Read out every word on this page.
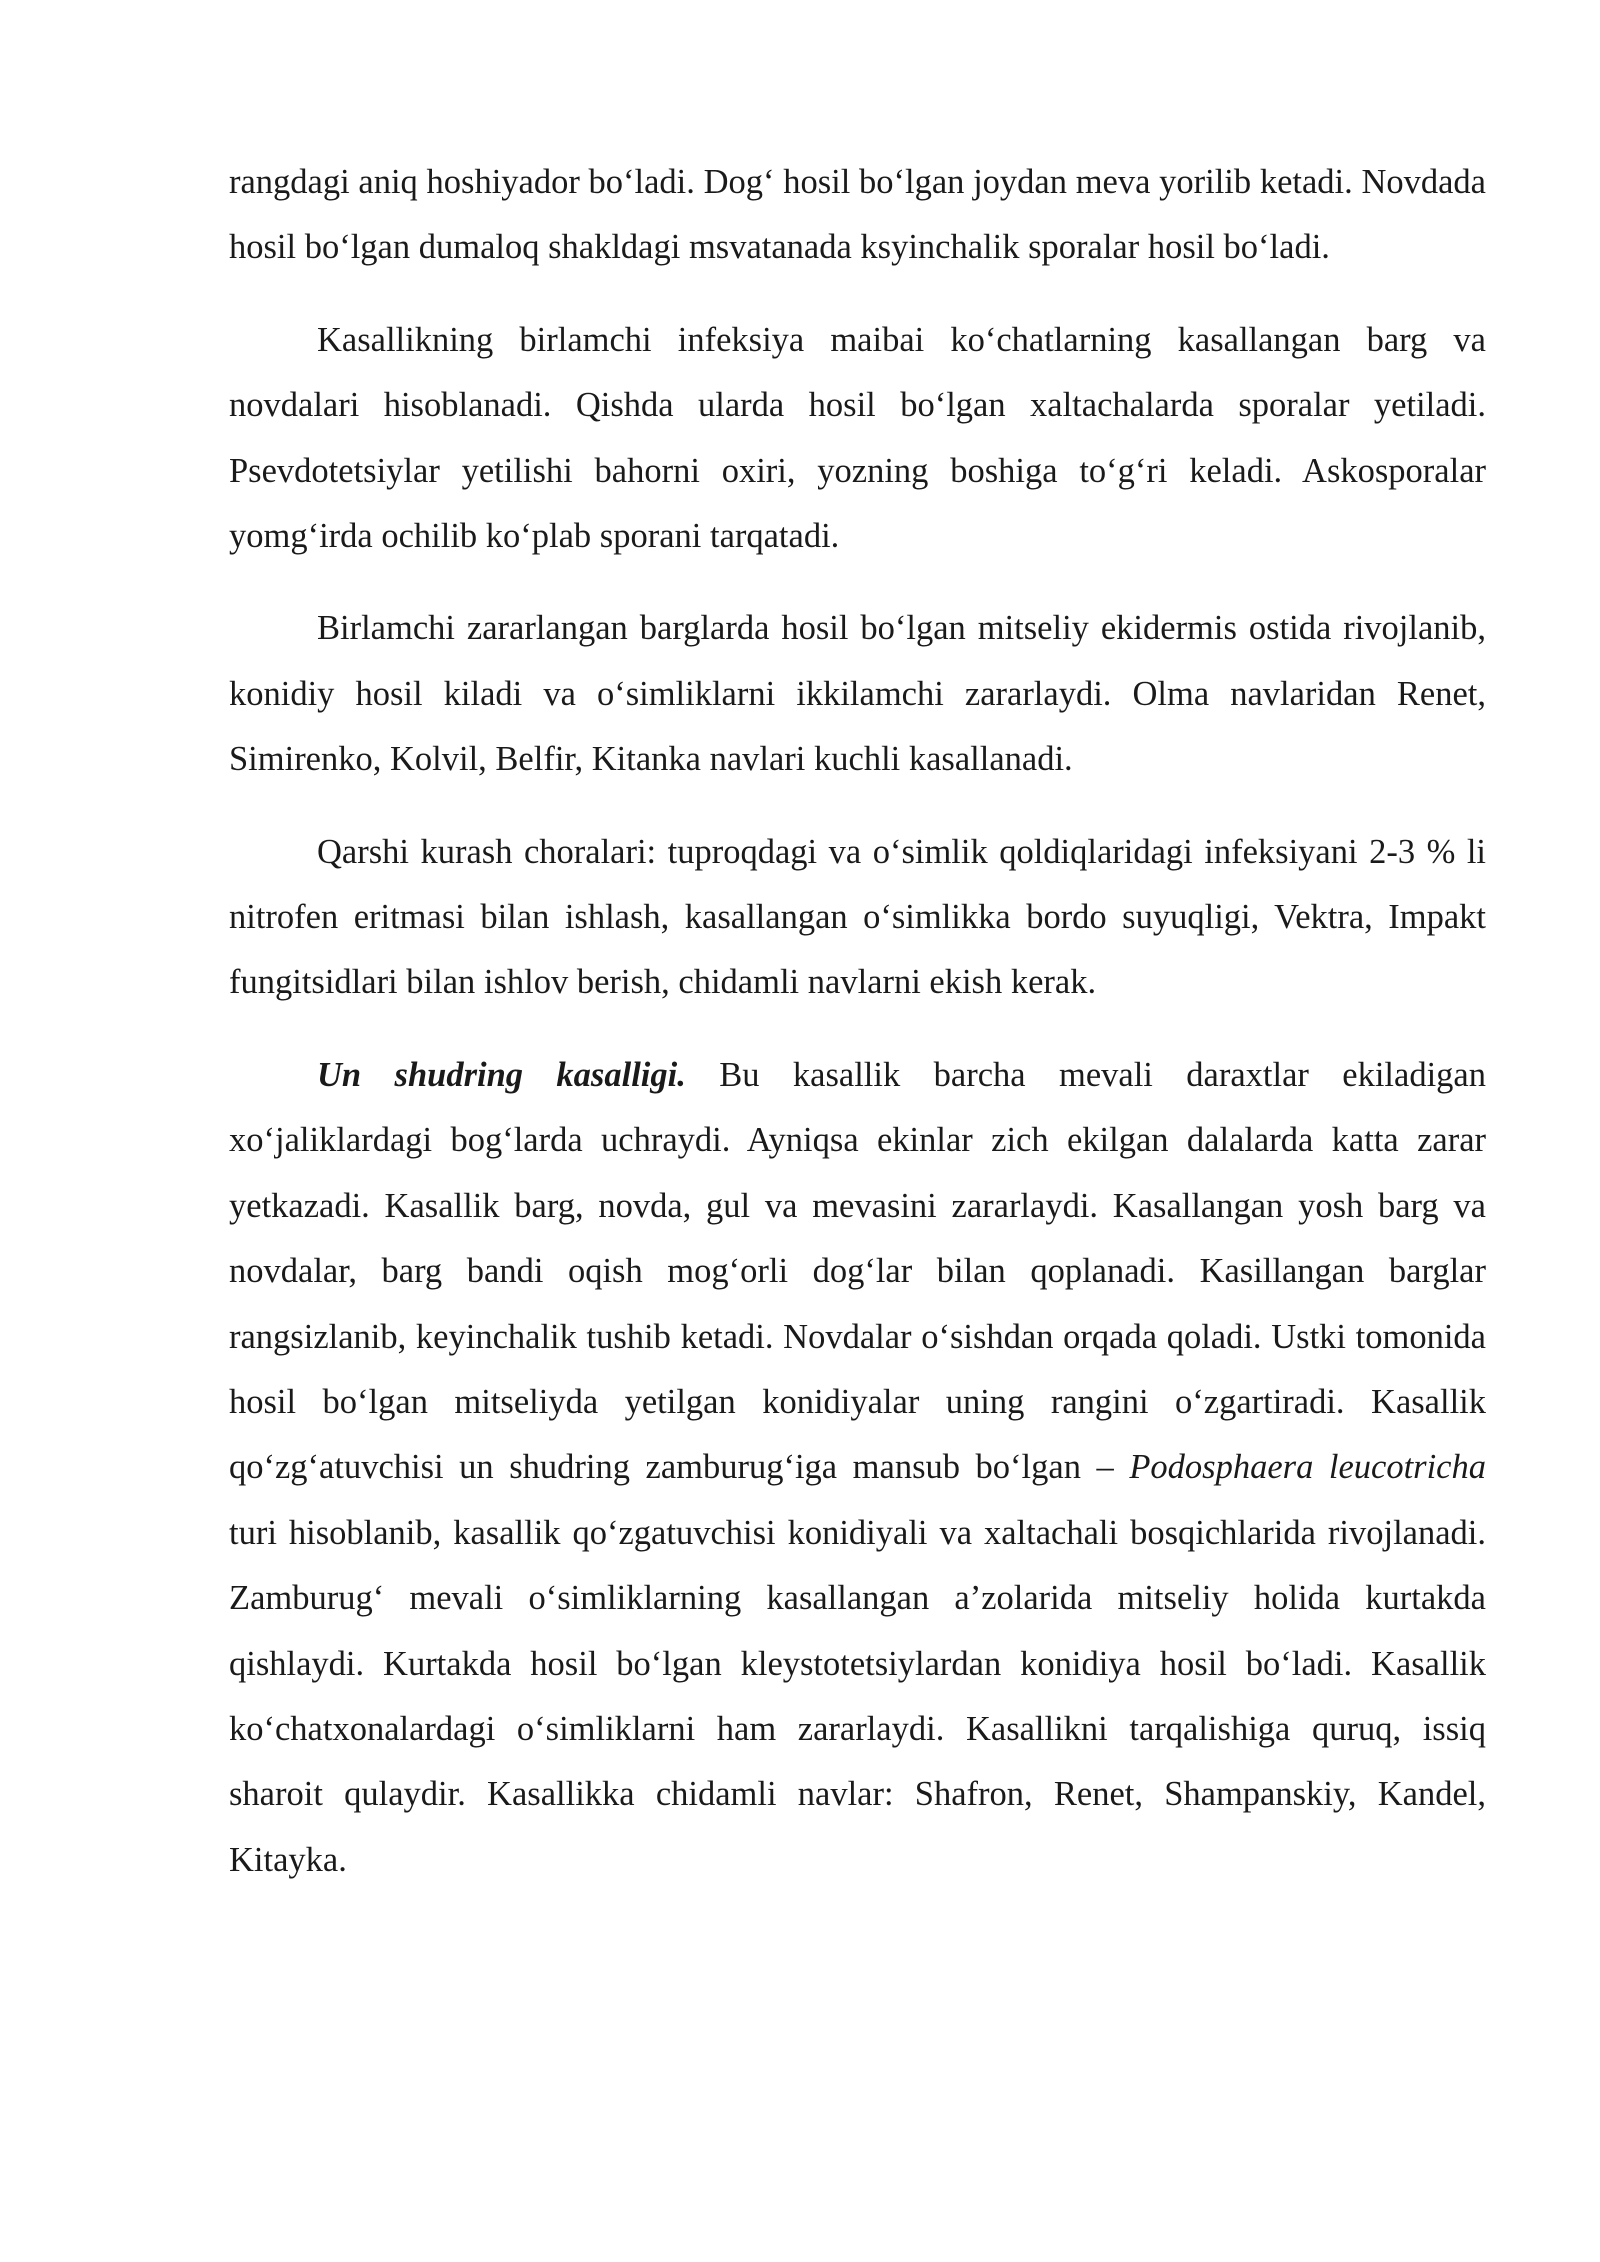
rangdagi aniq hoshiyador boʻladi. Dogʻ hosil boʻlgan joydan meva yorilib ketadi. Novdada hosil boʻlgan dumaloq shakldagi msvatanada ksyinchalik sporalar hosil boʻladi.

Kasallikning birlamchi infeksiya maibai koʻchatlarning kasallangan barg va novdalari hisoblanadi. Qishda ularda hosil boʻlgan xaltachalarda sporalar yetiladi. Psevdotetsiylar yetilishi bahorni oxiri, yozning boshiga toʻgʻri keladi. Askosporalar yomgʻirda ochilib koʻplab sporani tarqatadi.

Birlamchi zararlangan barglarda hosil boʻlgan mitseliy ekidermis ostida rivojlanib, konidiy hosil kiladi va oʻsimliklarni ikkilamchi zararlaydi. Olma navlaridan Renet, Simirenko, Kolvil, Belfir, Kitanka navlari kuchli kasallanadi.

Qarshi kurash choralari: tuproqdagi va oʻsimlik qoldiqlaridagi infeksiyani 2-3 % li nitrofen eritmasi bilan ishlash, kasallangan oʻsimlikka bordo suyuqligi, Vektra, Impakt fungitsidlari bilan ishlov berish, chidamli navlarni ekish kerak.

Un shudring kasalligi. Bu kasallik barcha mevali daraxtlar ekiladigan xoʻjaliklardagi bogʻlarda uchraydi. Ayniqsa ekinlar zich ekilgan dalalarda katta zarar yetkazadi. Kasallik barg, novda, gul va mevasini zararlaydi. Kasallangan yosh barg va novdalar, barg bandi oqish mogʻorli dogʻlar bilan qoplanadi. Kasillangan barglar rangsizlanib, keyinchalik tushib ketadi. Novdalar oʻsishdan orqada qoladi. Ustki tomonida hosil boʻlgan mitseliyda yetilgan konidiyalar uning rangini oʻzgartiradi. Kasallik qoʻzgʻatuvchisi un shudring zamburugʻiga mansub boʻlgan – Podosphaera leucotricha turi hisoblanib, kasallik qoʻzgatuvchisi konidiyali va xaltachali bosqichlarida rivojlanadi. Zamburugʻ mevali oʻsimliklarning kasallangan a’zolarida mitseliy holida kurtakda qishlaydi. Kurtakda hosil boʻlgan kleystotetsiylardan konidiya hosil boʻladi. Kasallik koʻchatxonalardagi oʻsimliklarni ham zararlaydi. Kasallikni tarqalishiga quruq, issiq sharoit qulaydir. Kasallikka chidamli navlar: Shafron, Renet, Shampanskiy, Kandel, Kitayka.
